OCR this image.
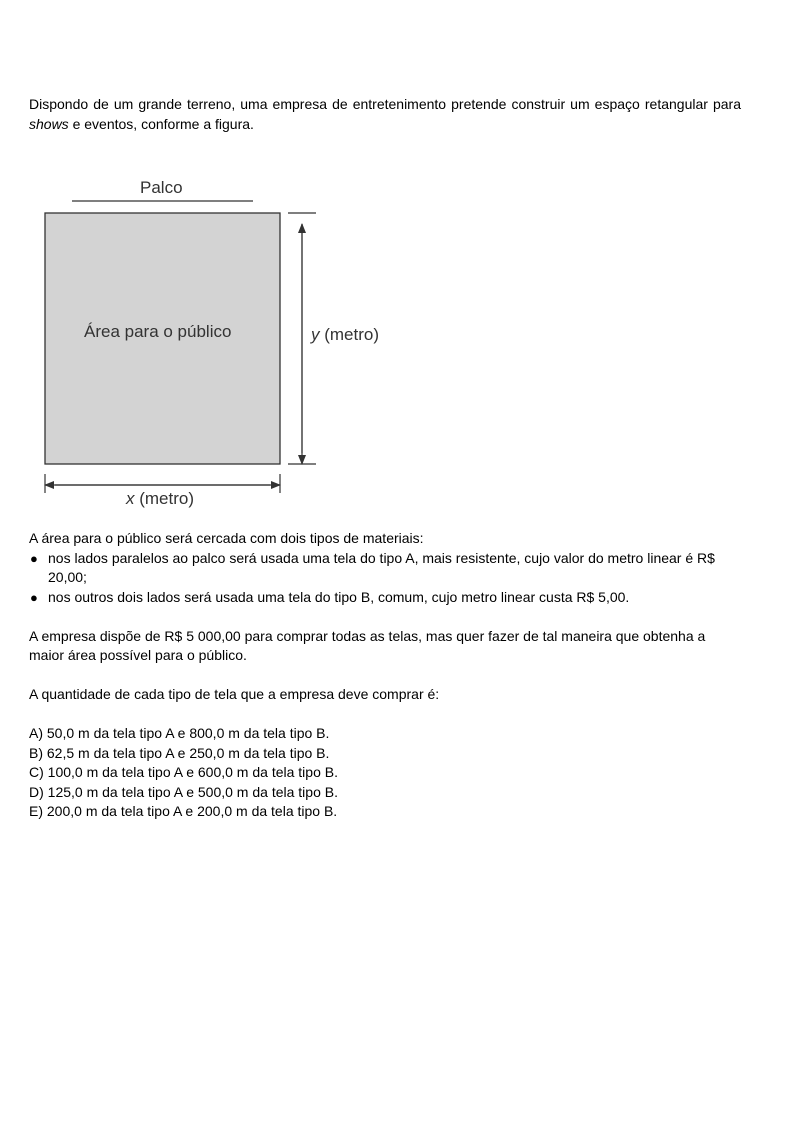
Dispondo de um grande terreno, uma empresa de entretenimento pretende construir um espaço retangular para shows e eventos, conforme a figura.

Palco
Área para o público	y (metro)
x (metro)

A área para o público será cercada com dois tipos de materiais:

● nos lados paralelos ao palco será usada uma tela do tipo A, mais resistente, cujo valor do metro linear é R$ 20,00;
● nos outros dois lados será usada uma tela do tipo B, comum, cujo metro linear custa R$ 5,00.

A empresa dispõe de R$ 5 000,00 para comprar todas as telas, mas quer fazer de tal maneira que obtenha a maior área possível para o público.

A quantidade de cada tipo de tela que a empresa deve comprar é:

A) 50,0 m da tela tipo A e 800,0 m da tela tipo B.
B) 62,5 m da tela tipo A e 250,0 m da tela tipo B.
C) 100,0 m da tela tipo A e 600,0 m da tela tipo B.
D) 125,0 m da tela tipo A e 500,0 m da tela tipo B.
E) 200,0 m da tela tipo A e 200,0 m da tela tipo B.
